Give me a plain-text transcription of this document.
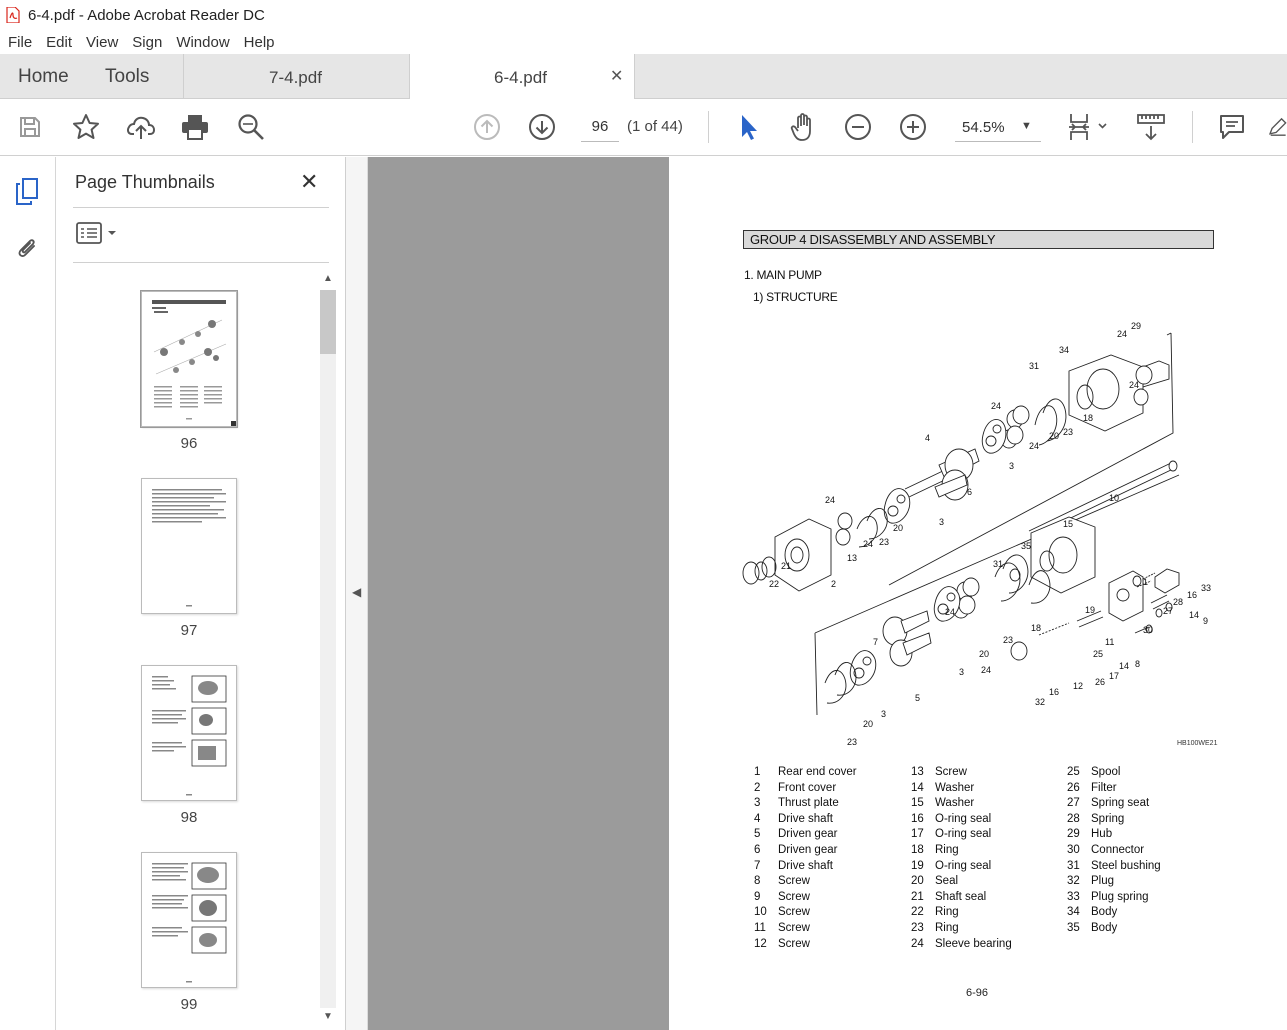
6-4.pdf - Adobe Acrobat Reader DC
File Edit View Sign Window Help
Home Tools	7-4.pdf	6-4.pdf	✕
96	(1 of 44)	54.5% ▼
Page Thumbnails	✕
96
97
98
99
▲
▼
◀
GROUP 4 DISASSEMBLY AND ASSEMBLY
1. MAIN PUMP
1) STRUCTURE
29
24
34
31
24
24
18
23
20
24
4
3
6
24
3
20
23
24
13
21
22	2
10
15
35
31
1
33
16
28
27 14
9
19
24
18
23
20
24
11
25
30
8
14
17
26
12
16
32
7
3
5
3
20
23	HB100WE21
1 Rear end cover
2 Front cover
3 Thrust plate
4 Drive shaft
5 Driven gear
6 Driven gear
7 Drive shaft
8 Screw
9 Screw
10 Screw
11 Screw
12 Screw
13 Screw
14 Washer
15 Washer
16 O-ring seal
17 O-ring seal
18 Ring
19 O-ring seal
20 Seal
21 Shaft seal
22 Ring
23 Ring
24 Sleeve bearing
25 Spool
26 Filter
27 Spring seat
28 Spring
29 Hub
30 Connector
31 Steel bushing
32 Plug
33 Plug spring
34 Body
35 Body
6-96
